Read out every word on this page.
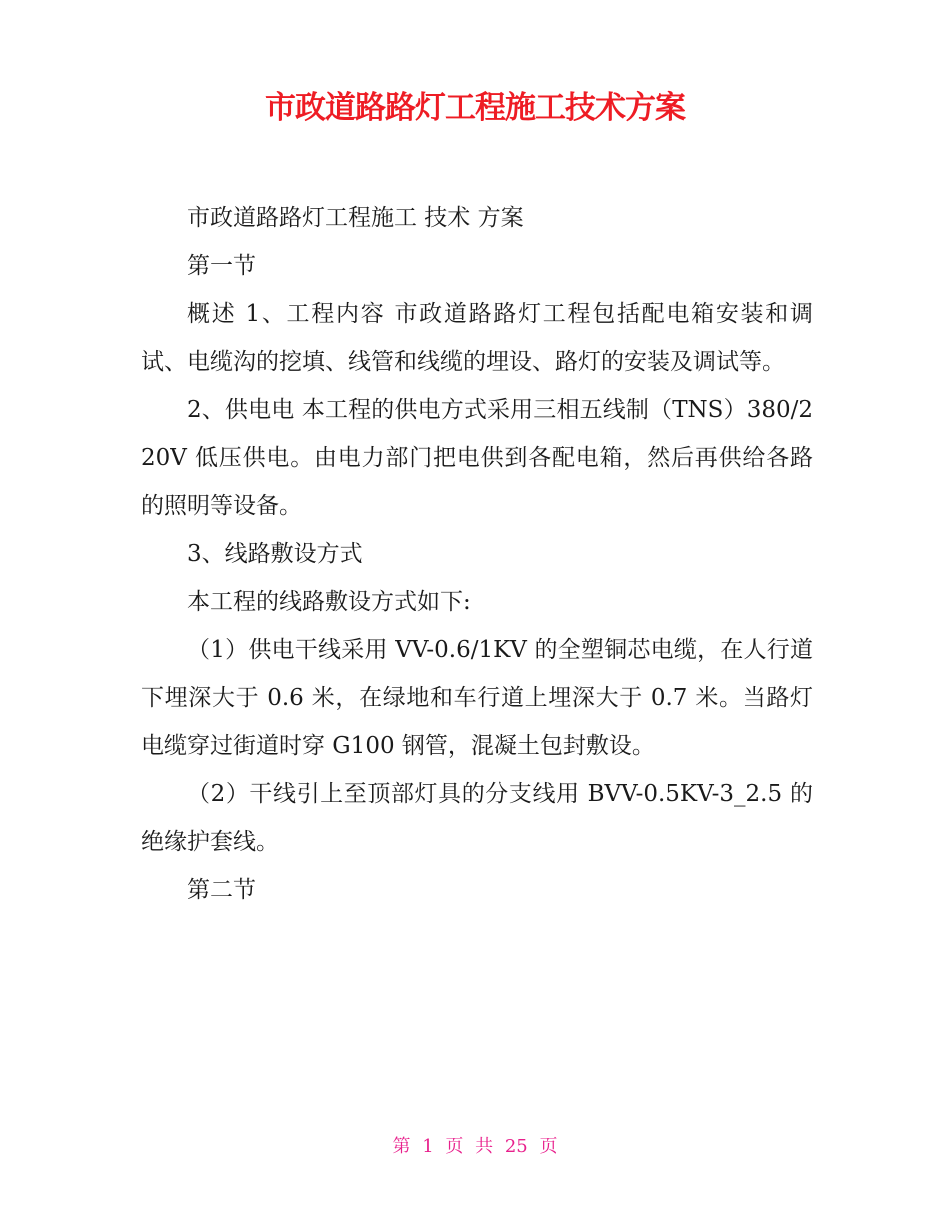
市政道路路灯工程施工技术方案

市政道路路灯工程施工 技术 方案

第一节

概述 1、工程内容 市政道路路灯工程包括配电箱安装和调试、电缆沟的挖填、线管和线缆的埋设、路灯的安装及调试等。

2、供电电 本工程的供电方式采用三相五线制（TNS）380/220V 低压供电。由电力部门把电供到各配电箱，然后再供给各路的照明等设备。

3、线路敷设方式

本工程的线路敷设方式如下:

（1）供电干线采用 VV-0.6/1KV 的全塑铜芯电缆，在人行道下埋深大于 0.6 米，在绿地和车行道上埋深大于 0.7 米。当路灯电缆穿过街道时穿 G100 钢管，混凝土包封敷设。

（2）干线引上至顶部灯具的分支线用 BVV-0.5KV-3_2.5 的绝缘护套线。

第二节

第 1 页 共 25 页
